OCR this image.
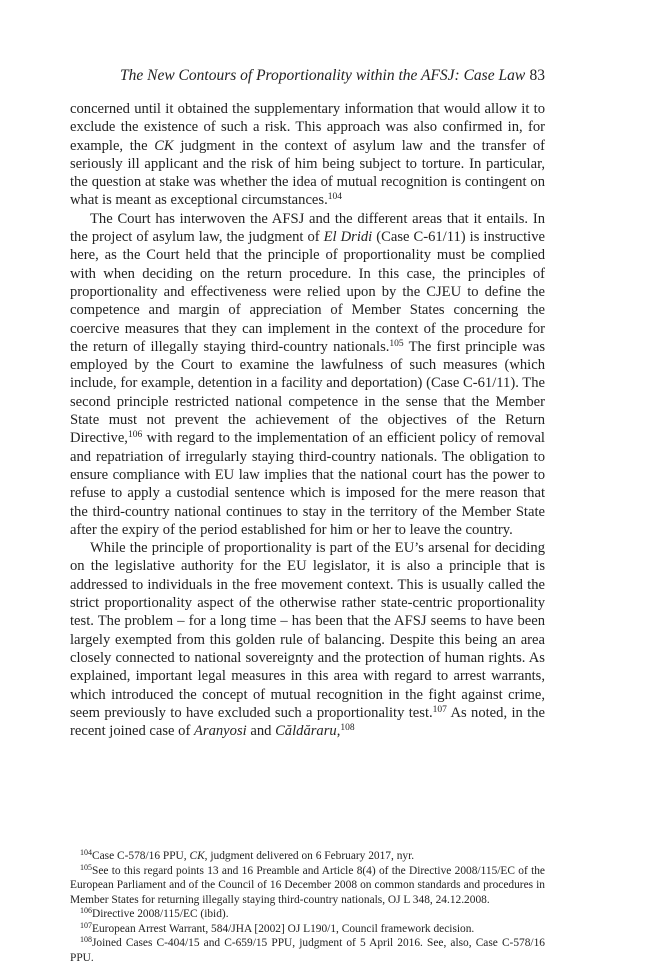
The New Contours of Proportionality within the AFSJ: Case Law 83

concerned until it obtained the supplementary information that would allow it to exclude the existence of such a risk. This approach was also confirmed in, for example, the CK judgment in the context of asylum law and the transfer of seriously ill applicant and the risk of him being subject to torture. In particular, the question at stake was whether the idea of mutual recognition is contingent on what is meant as exceptional circumstances.$^{104}$

The Court has interwoven the AFSJ and the different areas that it entails. In the project of asylum law, the judgment of El Dridi (Case C-61/11) is instructive here, as the Court held that the principle of proportionality must be complied with when deciding on the return procedure. In this case, the principles of proportionality and effectiveness were relied upon by the CJEU to define the competence and margin of appreciation of Member States concerning the coercive measures that they can implement in the context of the procedure for the return of illegally staying third-country nationals.$^{105}$ The first principle was employed by the Court to examine the lawfulness of such measures (which include, for example, detention in a facility and deportation) (Case C-61/11). The second principle restricted national competence in the sense that the Member State must not prevent the achievement of the objectives of the Return Directive,$^{106}$ with regard to the implementation of an efficient policy of removal and repatriation of irregularly staying third-country nationals. The obligation to ensure compliance with EU law implies that the national court has the power to refuse to apply a custodial sentence which is imposed for the mere reason that the third-country national continues to stay in the territory of the Member State after the expiry of the period established for him or her to leave the country.

While the principle of proportionality is part of the EU’s arsenal for deciding on the legislative authority for the EU legislator, it is also a principle that is addressed to individuals in the free movement context. This is usually called the strict proportionality aspect of the otherwise rather state-centric proportionality test. The problem – for a long time – has been that the AFSJ seems to have been largely exempted from this golden rule of balancing. Despite this being an area closely connected to national sovereignty and the protection of human rights. As explained, important legal measures in this area with regard to arrest warrants, which introduced the concept of mutual recognition in the fight against crime, seem previously to have excluded such a proportionality test.$^{107}$ As noted, in the recent joined case of Aranyosi and Căldăraru,$^{108}$

$^{104}$Case C-578/16 PPU, CK, judgment delivered on 6 February 2017, nyr.

$^{105}$See to this regard points 13 and 16 Preamble and Article 8(4) of the Directive 2008/115/EC of the European Parliament and of the Council of 16 December 2008 on common standards and procedures in Member States for returning illegally staying third-country nationals, OJ L 348, 24.12.2008.

$^{106}$Directive 2008/115/EC (ibid).

$^{107}$European Arrest Warrant, 584/JHA [2002] OJ L190/1, Council framework decision.

$^{108}$Joined Cases C-404/15 and C-659/15 PPU, judgment of 5 April 2016. See, also, Case C-578/16 PPU.
